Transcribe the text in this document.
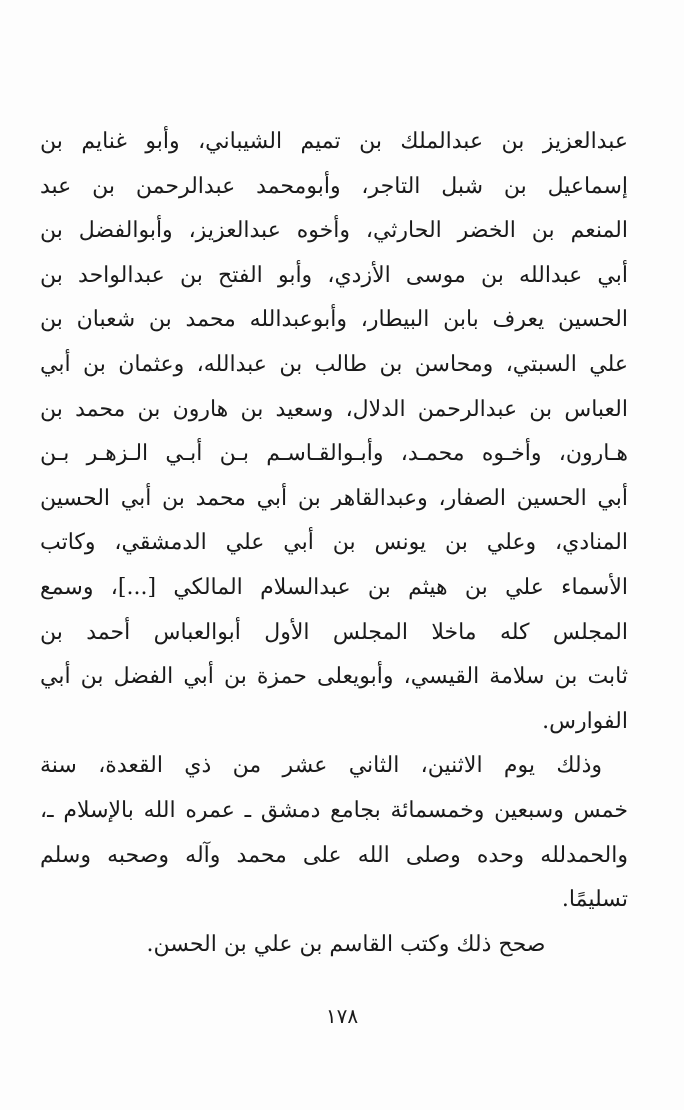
عبدالعزيز بن عبدالملك بن تميم الشيباني، وأبو غنايم بن
إسماعيل بن شبل التاجر، وأبومحمد عبدالرحمن بن عبد
المنعم بن الخضر الحارثي، وأخوه عبدالعزيز، وأبوالفضل بن
أبي عبدالله بن موسى الأزدي، وأبو الفتح بن عبدالواحد بن
الحسين يعرف بابن البيطار، وأبوعبدالله محمد بن شعبان بن
علي السبتي، ومحاسن بن طالب بن عبدالله، وعثمان بن أبي
العباس بن عبدالرحمن الدلال، وسعيد بن هارون بن محمد بن
هـارون، وأخـوه محمـد، وأبـوالقـاسـم بـن أبـي الـزهـر بـن
أبي الحسين الصفار، وعبدالقاهر بن أبي محمد بن أبي الحسين
المنادي، وعلي بن يونس بن أبي علي الدمشقي، وكاتب
الأسماء علي بن هيثم بن عبدالسلام المالكي [...]، وسمع
المجلس كله ماخلا المجلس الأول أبوالعباس أحمد بن
ثابت بن سلامة القيسي، وأبويعلى حمزة بن أبي الفضل بن أبي
الفوارس.
وذلك يوم الاثنين، الثاني عشر من ذي القعدة، سنة
خمس وسبعين وخمسمائة بجامع دمشق ـ عمره الله بالإسلام ـ،
والحمدلله وحده وصلى الله على محمد وآله وصحبه وسلم
تسليمًا.
صحح ذلك وكتب القاسم بن علي بن الحسن.
١٧٨
